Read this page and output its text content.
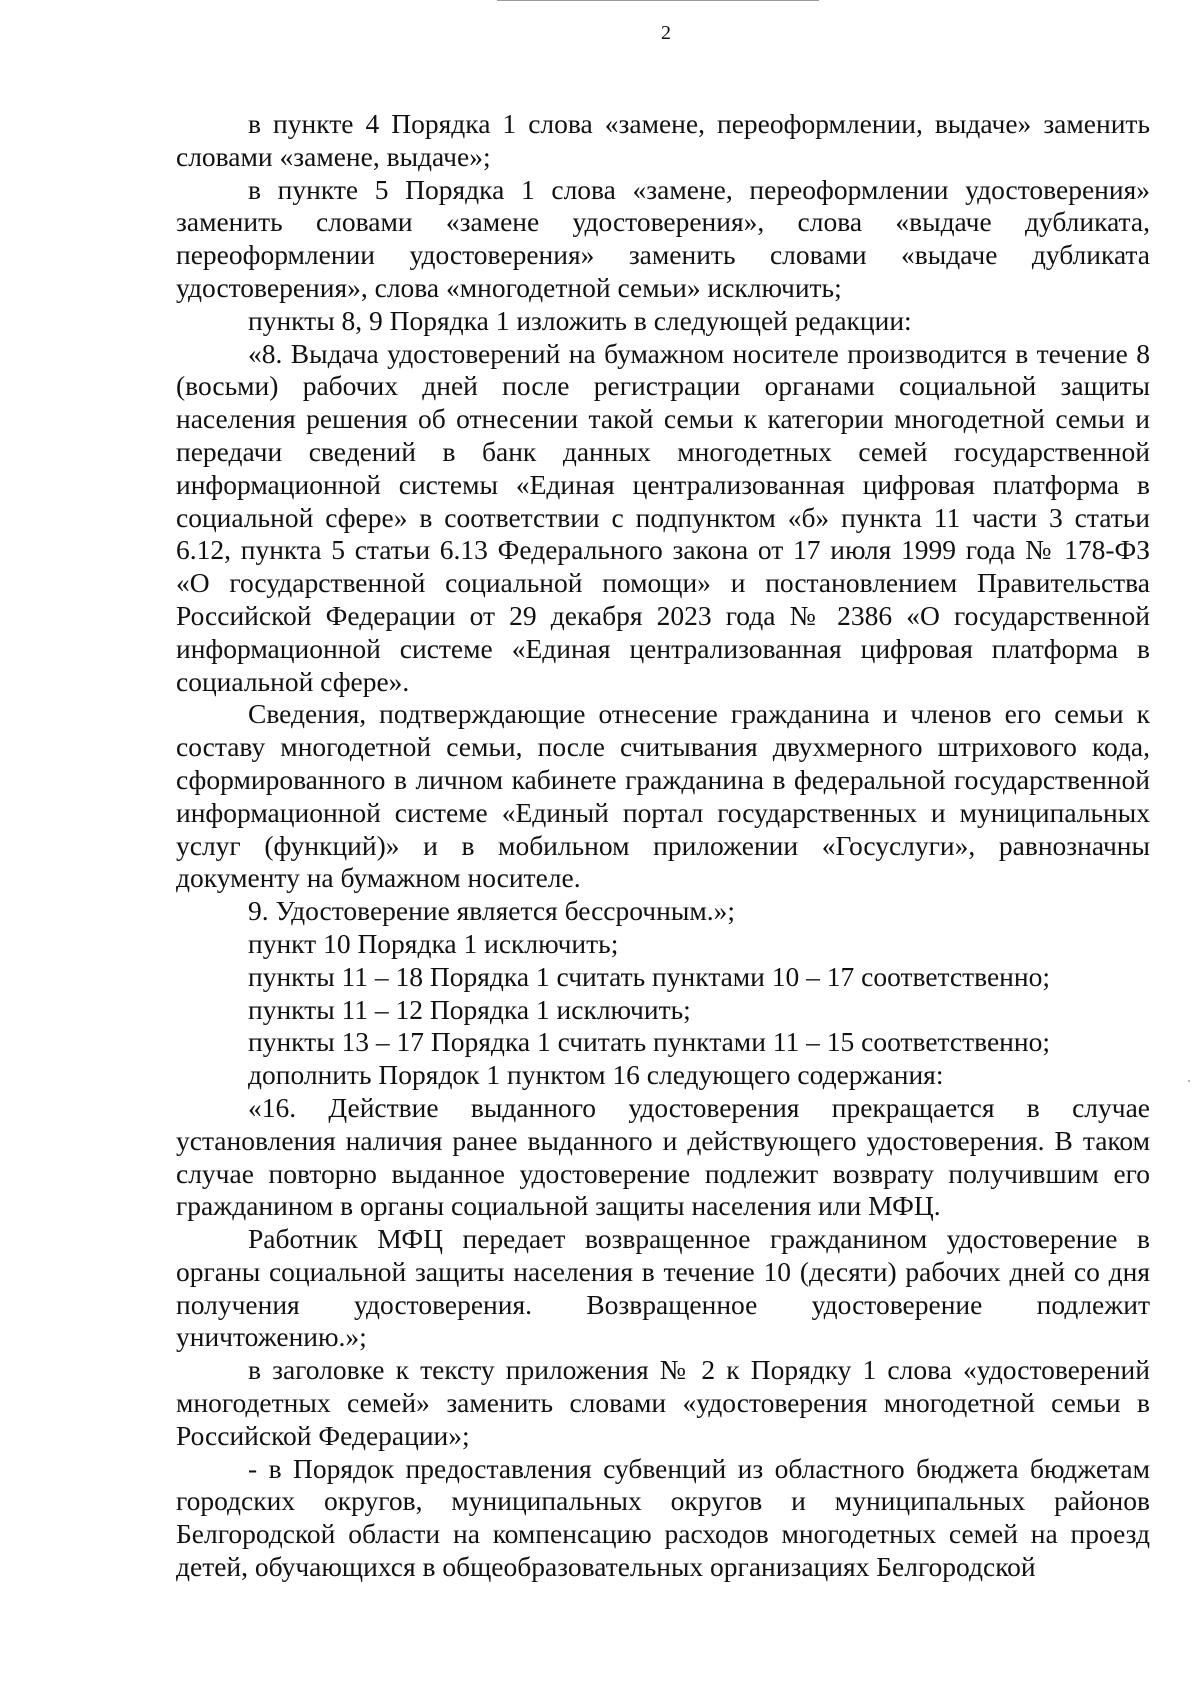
2

в пункте 4 Порядка 1 слова «замене, переоформлении, выдаче» заменить словами «замене, выдаче»;

в пункте 5 Порядка 1 слова «замене, переоформлении удостоверения» заменить словами «замене удостоверения», слова «выдаче дубликата, переоформлении удостоверения» заменить словами «выдаче дубликата удостоверения», слова «многодетной семьи» исключить;

пункты 8, 9 Порядка 1 изложить в следующей редакции:

«8. Выдача удостоверений на бумажном носителе производится в течение 8 (восьми) рабочих дней после регистрации органами социальной защиты населения решения об отнесении такой семьи к категории многодетной семьи и передачи сведений в банк данных многодетных семей государственной информационной системы «Единая централизованная цифровая платформа в социальной сфере» в соответствии с подпунктом «б» пункта 11 части 3 статьи 6.12, пункта 5 статьи 6.13 Федерального закона от 17 июля 1999 года № 178-ФЗ «О государственной социальной помощи» и постановлением Правительства Российской Федерации от 29 декабря 2023 года № 2386 «О государственной информационной системе «Единая централизованная цифровая платформа в социальной сфере».

Сведения, подтверждающие отнесение гражданина и членов его семьи к составу многодетной семьи, после считывания двухмерного штрихового кода, сформированного в личном кабинете гражданина в федеральной государственной информационной системе «Единый портал государственных и муниципальных услуг (функций)» и в мобильном приложении «Госуслуги», равнозначны документу на бумажном носителе.

9. Удостоверение является бессрочным.»;

пункт 10 Порядка 1 исключить;

пункты 11 – 18 Порядка 1 считать пунктами 10 – 17 соответственно;

пункты 11 – 12 Порядка 1 исключить;

пункты 13 – 17 Порядка 1 считать пунктами 11 – 15 соответственно;

дополнить Порядок 1 пунктом 16 следующего содержания:

«16. Действие выданного удостоверения прекращается в случае установления наличия ранее выданного и действующего удостоверения. В таком случае повторно выданное удостоверение подлежит возврату получившим его гражданином в органы социальной защиты населения или МФЦ.

Работник МФЦ передает возвращенное гражданином удостоверение в органы социальной защиты населения в течение 10 (десяти) рабочих дней со дня получения удостоверения. Возвращенное удостоверение подлежит уничтожению.»;

в заголовке к тексту приложения № 2 к Порядку 1 слова «удостоверений многодетных семей» заменить словами «удостоверения многодетной семьи в Российской Федерации»;

- в Порядок предоставления субвенций из областного бюджета бюджетам городских округов, муниципальных округов и муниципальных районов Белгородской области на компенсацию расходов многодетных семей на проезд детей, обучающихся в общеобразовательных организациях Белгородской
